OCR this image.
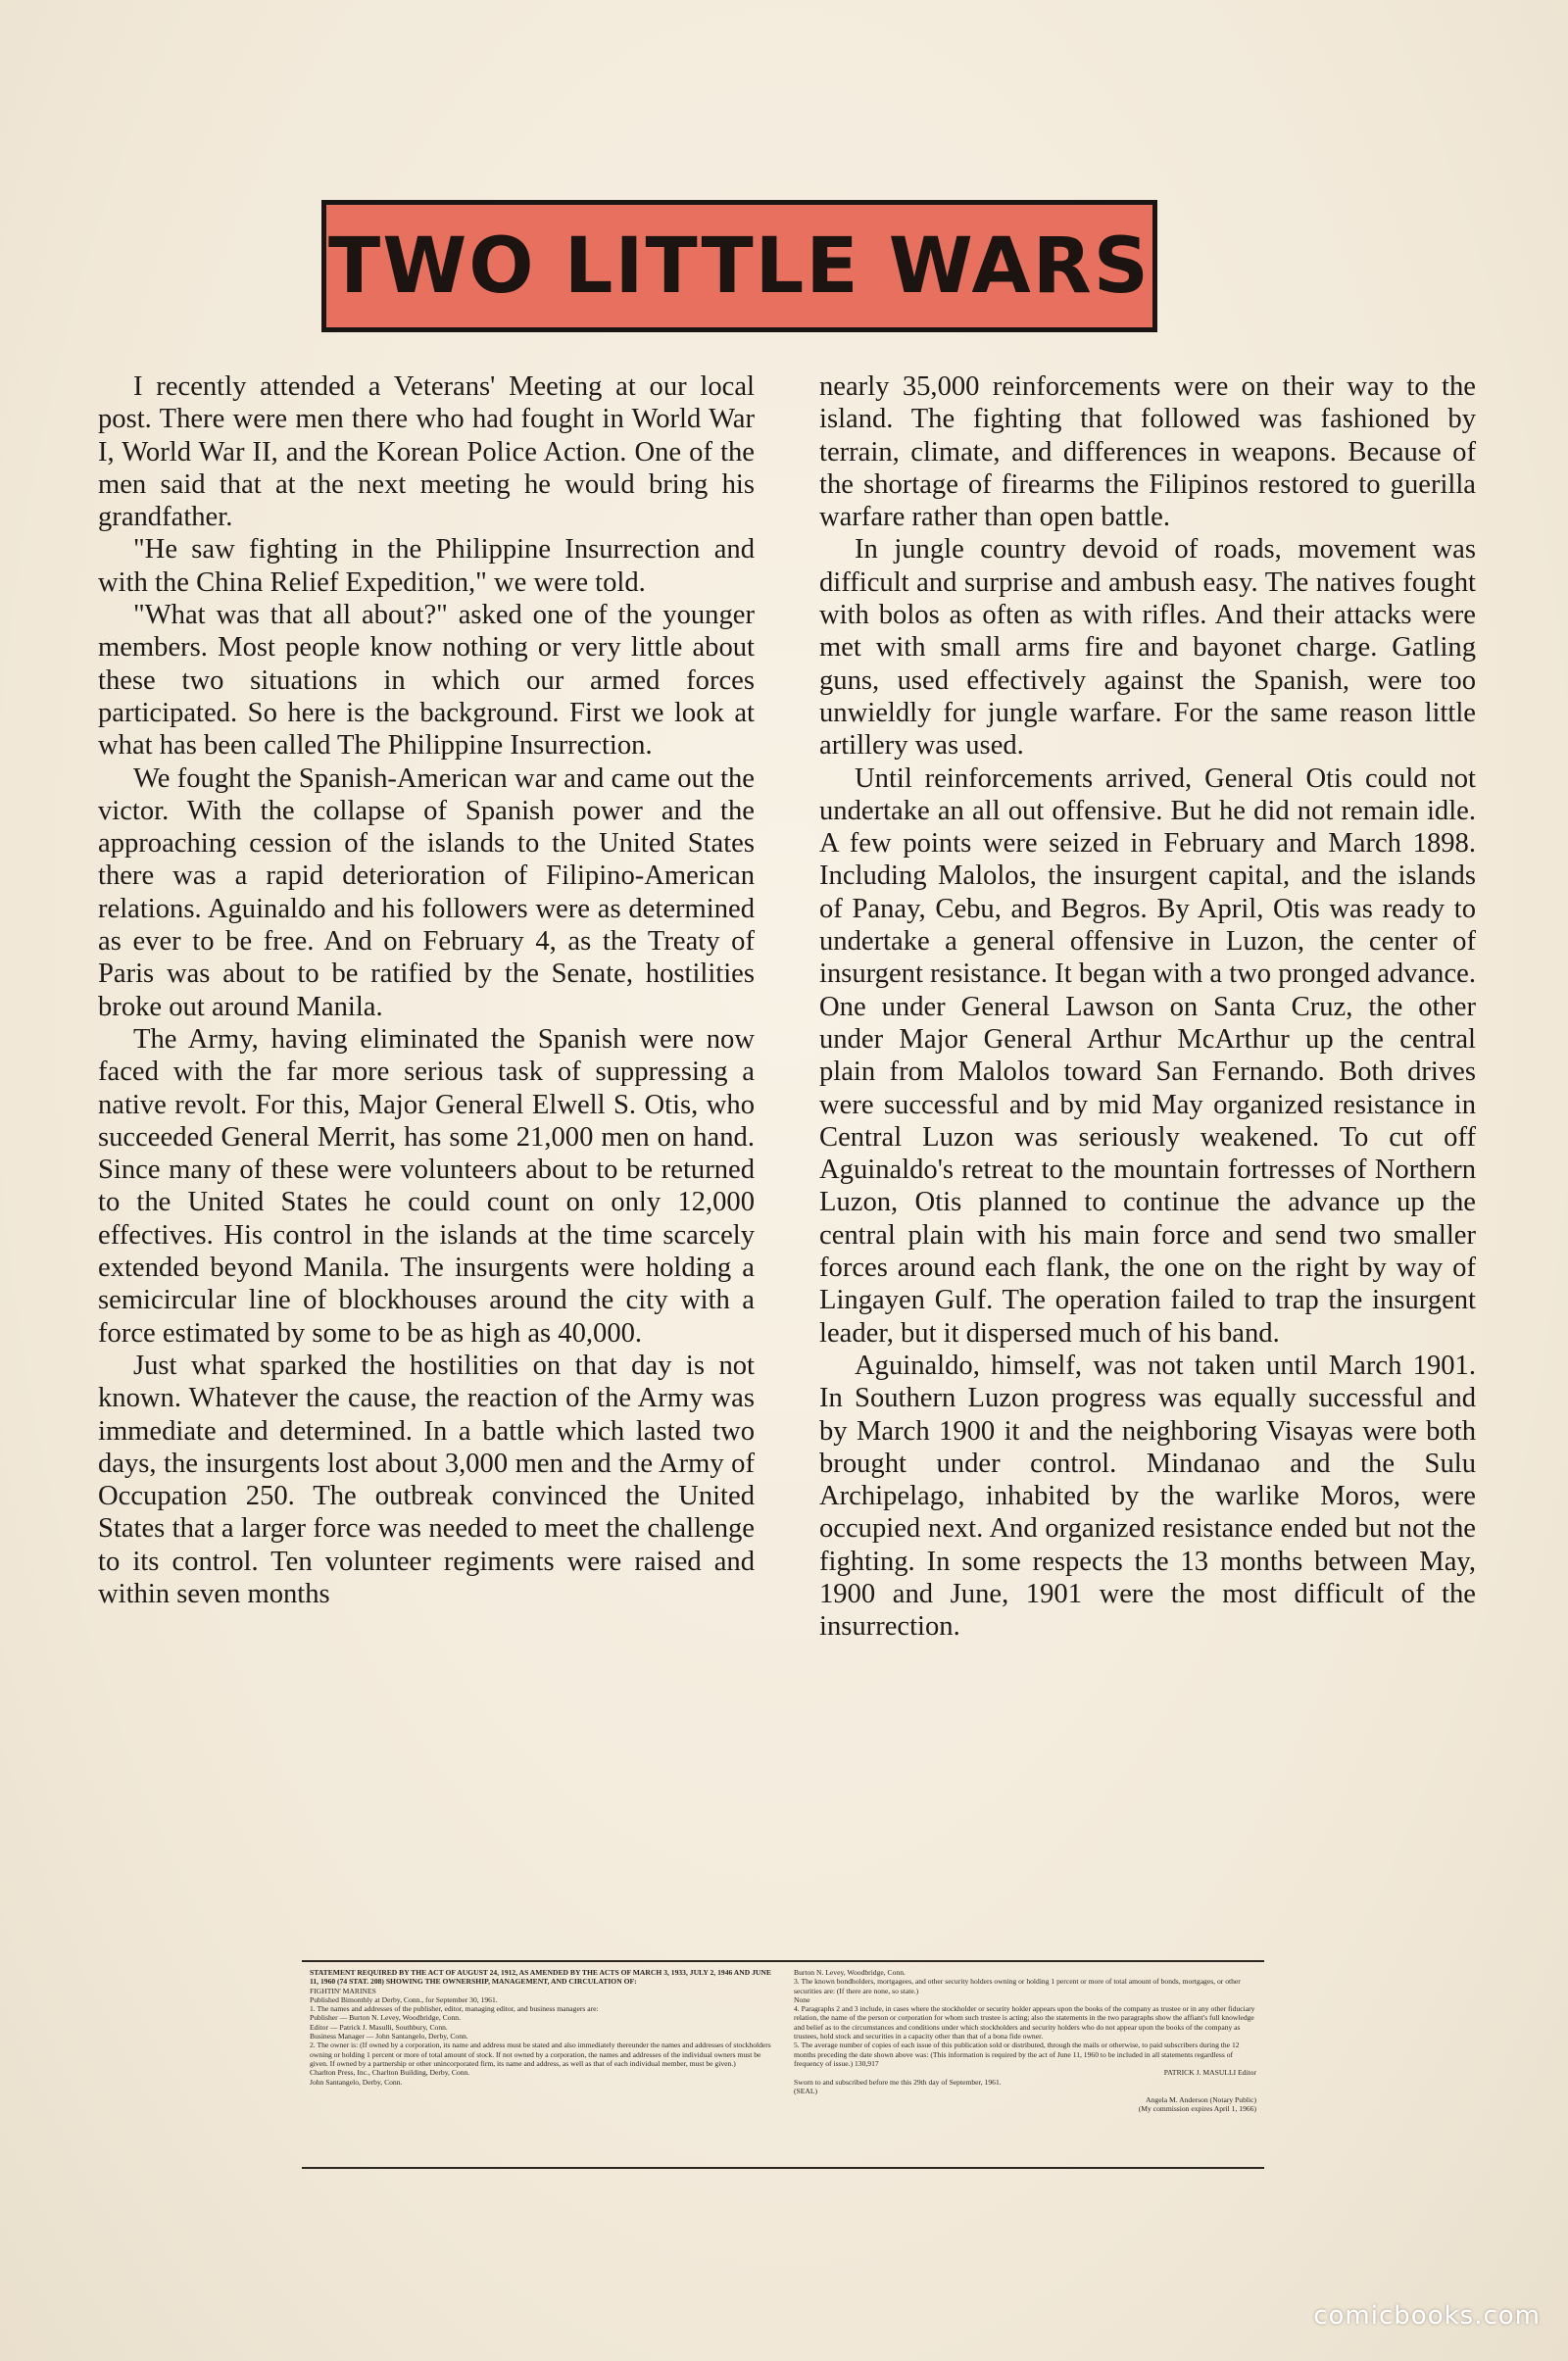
TWO LITTLE WARS

I recently attended a Veterans' Meeting at our local post. There were men there who had fought in World War I, World War II, and the Korean Police Action. One of the men said that at the next meeting he would bring his grandfather.

"He saw fighting in the Philippine Insurrection and with the China Relief Expedition," we were told.

"What was that all about?" asked one of the younger members. Most people know nothing or very little about these two situations in which our armed forces participated. So here is the background. First we look at what has been called The Philippine Insurrection.

We fought the Spanish-American war and came out the victor. With the collapse of Spanish power and the approaching cession of the islands to the United States there was a rapid deterioration of Filipino-American relations. Aguinaldo and his followers were as determined as ever to be free. And on February 4, as the Treaty of Paris was about to be ratified by the Senate, hostilities broke out around Manila.

The Army, having eliminated the Spanish were now faced with the far more serious task of suppressing a native revolt. For this, Major General Elwell S. Otis, who succeeded General Merrit, has some 21,000 men on hand. Since many of these were volunteers about to be returned to the United States he could count on only 12,000 effectives. His control in the islands at the time scarcely extended beyond Manila. The insurgents were holding a semicircular line of blockhouses around the city with a force estimated by some to be as high as 40,000.

Just what sparked the hostilities on that day is not known. Whatever the cause, the reaction of the Army was immediate and determined. In a battle which lasted two days, the insurgents lost about 3,000 men and the Army of Occupation 250. The outbreak convinced the United States that a larger force was needed to meet the challenge to its control. Ten volunteer regiments were raised and within seven months

nearly 35,000 reinforcements were on their way to the island. The fighting that followed was fashioned by terrain, climate, and differences in weapons. Because of the shortage of firearms the Filipinos restored to guerilla warfare rather than open battle.

In jungle country devoid of roads, movement was difficult and surprise and ambush easy. The natives fought with bolos as often as with rifles. And their attacks were met with small arms fire and bayonet charge. Gatling guns, used effectively against the Spanish, were too unwieldly for jungle warfare. For the same reason little artillery was used.

Until reinforcements arrived, General Otis could not undertake an all out offensive. But he did not remain idle. A few points were seized in February and March 1898. Including Malolos, the insurgent capital, and the islands of Panay, Cebu, and Begros. By April, Otis was ready to undertake a general offensive in Luzon, the center of insurgent resistance. It began with a two pronged advance. One under General Lawson on Santa Cruz, the other under Major General Arthur McArthur up the central plain from Malolos toward San Fernando. Both drives were successful and by mid May organized resistance in Central Luzon was seriously weakened. To cut off Aguinaldo's retreat to the mountain fortresses of Northern Luzon, Otis planned to continue the advance up the central plain with his main force and send two smaller forces around each flank, the one on the right by way of Lingayen Gulf. The operation failed to trap the insurgent leader, but it dispersed much of his band.

Aguinaldo, himself, was not taken until March 1901. In Southern Luzon progress was equally successful and by March 1900 it and the neighboring Visayas were both brought under control. Mindanao and the Sulu Archipelago, inhabited by the warlike Moros, were occupied next. And organized resistance ended but not the fighting. In some respects the 13 months between May, 1900 and June, 1901 were the most difficult of the insurrection.

STATEMENT REQUIRED BY THE ACT OF AUGUST 24, 1912, AS AMENDED BY THE ACTS OF MARCH 3, 1933, JULY 2, 1946 AND JUNE 11, 1960 (74 STAT. 208) SHOWING THE OWNERSHIP, MANAGEMENT, AND CIRCULATION OF:
FIGHTIN' MARINES
Published Bimonthly at Derby, Conn., for September 30, 1961.
1. The names and addresses of the publisher, editor, managing editor, and business managers are:
Publisher — Burton N. Levey, Woodbridge, Conn.
Editor — Patrick J. Masulli, Southbury, Conn.
Business Manager — John Santangelo, Derby, Conn.
2. The owner is: (If owned by a corporation, its name and address must be stated and also immediately thereunder the names and addresses of stockholders owning or holding 1 percent or more of total amount of stock. If not owned by a corporation, the names and addresses of the individual owners must be given. If owned by a partnership or other unincorporated firm, its name and address, as well as that of each individual member, must be given.)
Charlton Press, Inc., Charlton Building, Derby, Conn.
John Santangelo, Derby, Conn.
Burton N. Levey, Woodbridge, Conn.
3. The known bondholders, mortgagees, and other security holders owning or holding 1 percent or more of total amount of bonds, mortgages, or other securities are: (If there are none, so state.)
None
4. Paragraphs 2 and 3 include, in cases where the stockholder or security holder appears upon the books of the company as trustee or in any other fiduciary relation, the name of the person or corporation for whom such trustee is acting; also the statements in the two paragraphs show the affiant's full knowledge and belief as to the circumstances and conditions under which stockholders and security holders who do not appear upon the books of the company as trustees, hold stock and securities in a capacity other than that of a bona fide owner.
5. The average number of copies of each issue of this publication sold or distributed, through the mails or otherwise, to paid subscribers during the 12 months preceding the date shown above was: (This information is required by the act of June 11, 1960 to be included in all statements regardless of frequency of issue.) 130,917
PATRICK J. MASULLI Editor
Sworn to and subscribed before me this 29th day of September, 1961.
(SEAL)
Angela M. Anderson (Notary Public)
(My commission expires April 1, 1966)
comicbooks.com
